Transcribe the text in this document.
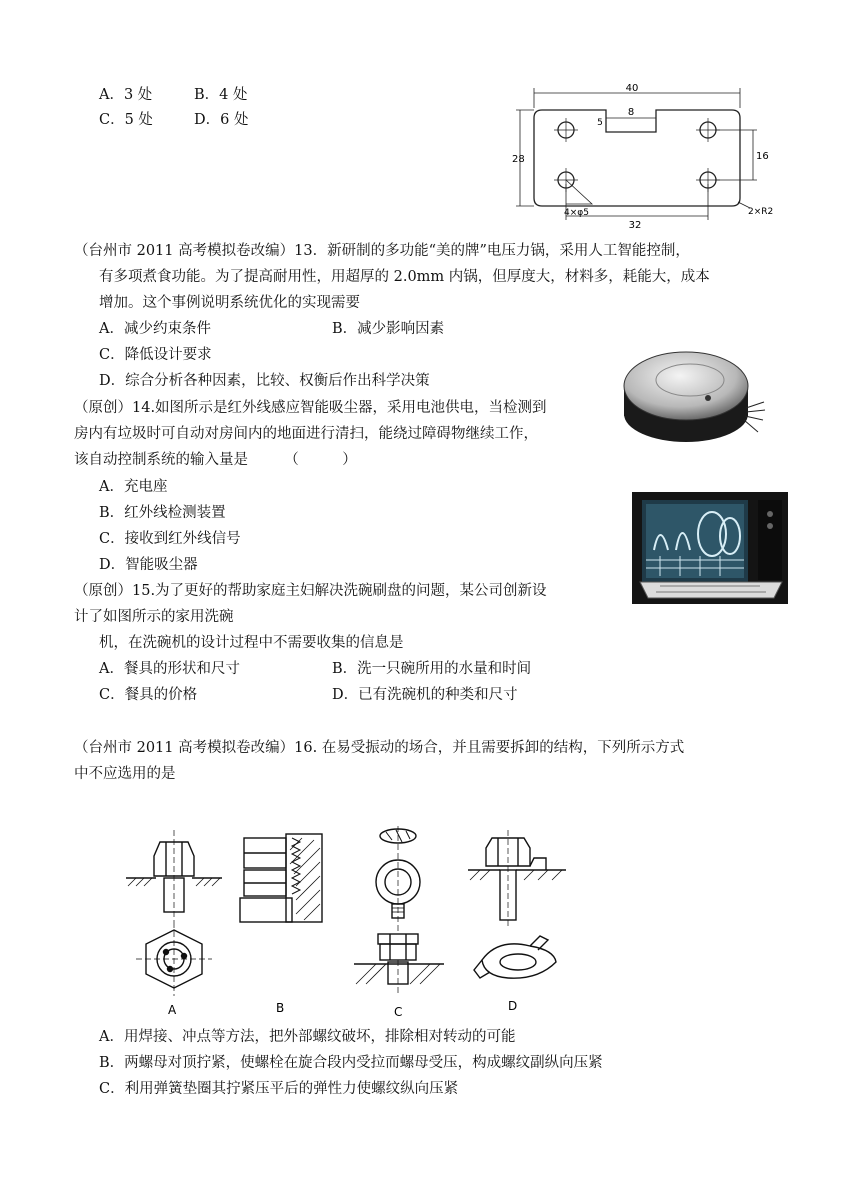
A．3 处	B．4 处
C．5 处	D．6 处
40
8
5
28	16
32
4×φ5	2×R2
（台州市 2011 高考模拟卷改编）13．新研制的多功能“美的牌”电压力锅，采用人工智能控制，
有多项煮食功能。为了提高耐用性，用超厚的 2.0mm 内锅，但厚度大，材料多，耗能大，成本
增加。这个事例说明系统优化的实现需要
A．减少约束条件	B．减少影响因素
C．降低设计要求
D．综合分析各种因素，比较、权衡后作出科学决策
（原创）14.如图所示是红外线感应智能吸尘器，采用电池供电，当检测到
房内有垃圾时可自动对房间内的地面进行清扫，能绕过障碍物继续工作，
该自动控制系统的输入量是　　　（　　　）
A．充电座
B．红外线检测装置
C．接收到红外线信号
D．智能吸尘器
（原创）15.为了更好的帮助家庭主妇解决洗碗刷盘的问题，某公司创新设
计了如图所示的家用洗碗
机，在洗碗机的设计过程中不需要收集的信息是
A．餐具的形状和尺寸	B．洗一只碗所用的水量和时间
C．餐具的价格	D．已有洗碗机的种类和尺寸
（台州市 2011 高考模拟卷改编）16. 在易受振动的场合，并且需要拆卸的结构，下列所示方式
中不应选用的是
A	B	C	D
A．用焊接、冲点等方法，把外部螺纹破坏，排除相对转动的可能
B．两螺母对顶拧紧，使螺栓在旋合段内受拉而螺母受压，构成螺纹副纵向压紧
C．利用弹簧垫圈其拧紧压平后的弹性力使螺纹纵向压紧
